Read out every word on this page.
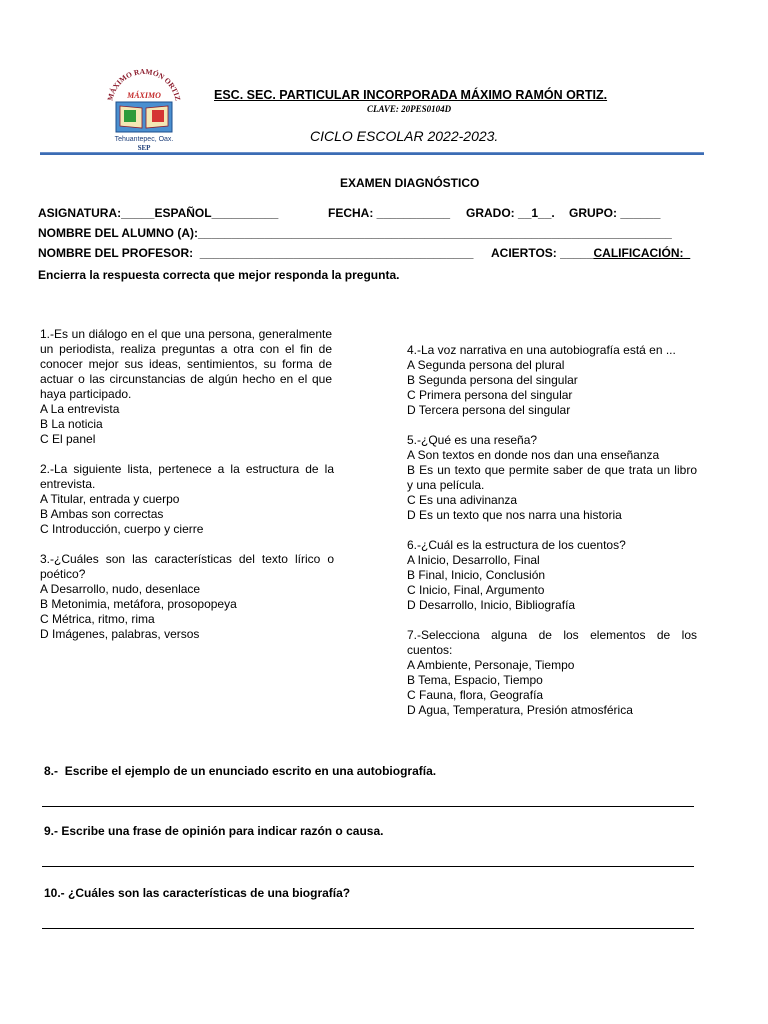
MÁXIMO RAMÓN ORTIZ
MÁXIMO
Tehuantepec, Oax.
SEP
ESC. SEC. PARTICULAR INCORPORADA MÁXIMO RAMÓN ORTIZ.
CLAVE: 20PES0104D
CICLO ESCOLAR 2022-2023.
EXAMEN DIAGNÓSTICO
ASIGNATURA:_____ESPAÑOL__________	FECHA: ___________ GRADO: __1__. GRUPO: ______
NOMBRE DEL ALUMNO (A):_______________________________________________________________________
NOMBRE DEL PROFESOR: _________________________________________ ACIERTOS: _____CALIFICACIÓN:_
Encierra la respuesta correcta que mejor responda la pregunta.
1.-Es un diálogo en el que una persona, generalmente un periodista, realiza preguntas a otra con el fin de conocer mejor sus ideas, sentimientos, su forma de actuar o las circunstancias de algún hecho en el que haya participado.
A La entrevista
B La noticia
C El panel
2.-La siguiente lista, pertenece a la estructura de la entrevista.
A Titular, entrada y cuerpo
B Ambas son correctas
C Introducción, cuerpo y cierre
3.-¿Cuáles son las características del texto lírico o poético?
A Desarrollo, nudo, desenlace
B Metonimia, metáfora, prosopopeya
C Métrica, ritmo, rima
D Imágenes, palabras, versos
4.-La voz narrativa en una autobiografía está en ...
A Segunda persona del plural
B Segunda persona del singular
C Primera persona del singular
D Tercera persona del singular
5.-¿Qué es una reseña?
A Son textos en donde nos dan una enseñanza
B Es un texto que permite saber de que trata un libro y una película.
C Es una adivinanza
D Es un texto que nos narra una historia
6.-¿Cuál es la estructura de los cuentos?
A Inicio, Desarrollo, Final
B Final, Inicio, Conclusión
C Inicio, Final, Argumento
D Desarrollo, Inicio, Bibliografía
7.-Selecciona alguna de los elementos de los cuentos:
A Ambiente, Personaje, Tiempo
B Tema, Espacio, Tiempo
C Fauna, flora, Geografía
D Agua, Temperatura, Presión atmosférica
8.- Escribe el ejemplo de un enunciado escrito en una autobiografía.
9.- Escribe una frase de opinión para indicar razón o causa.
10.- ¿Cuáles son las características de una biografía?
